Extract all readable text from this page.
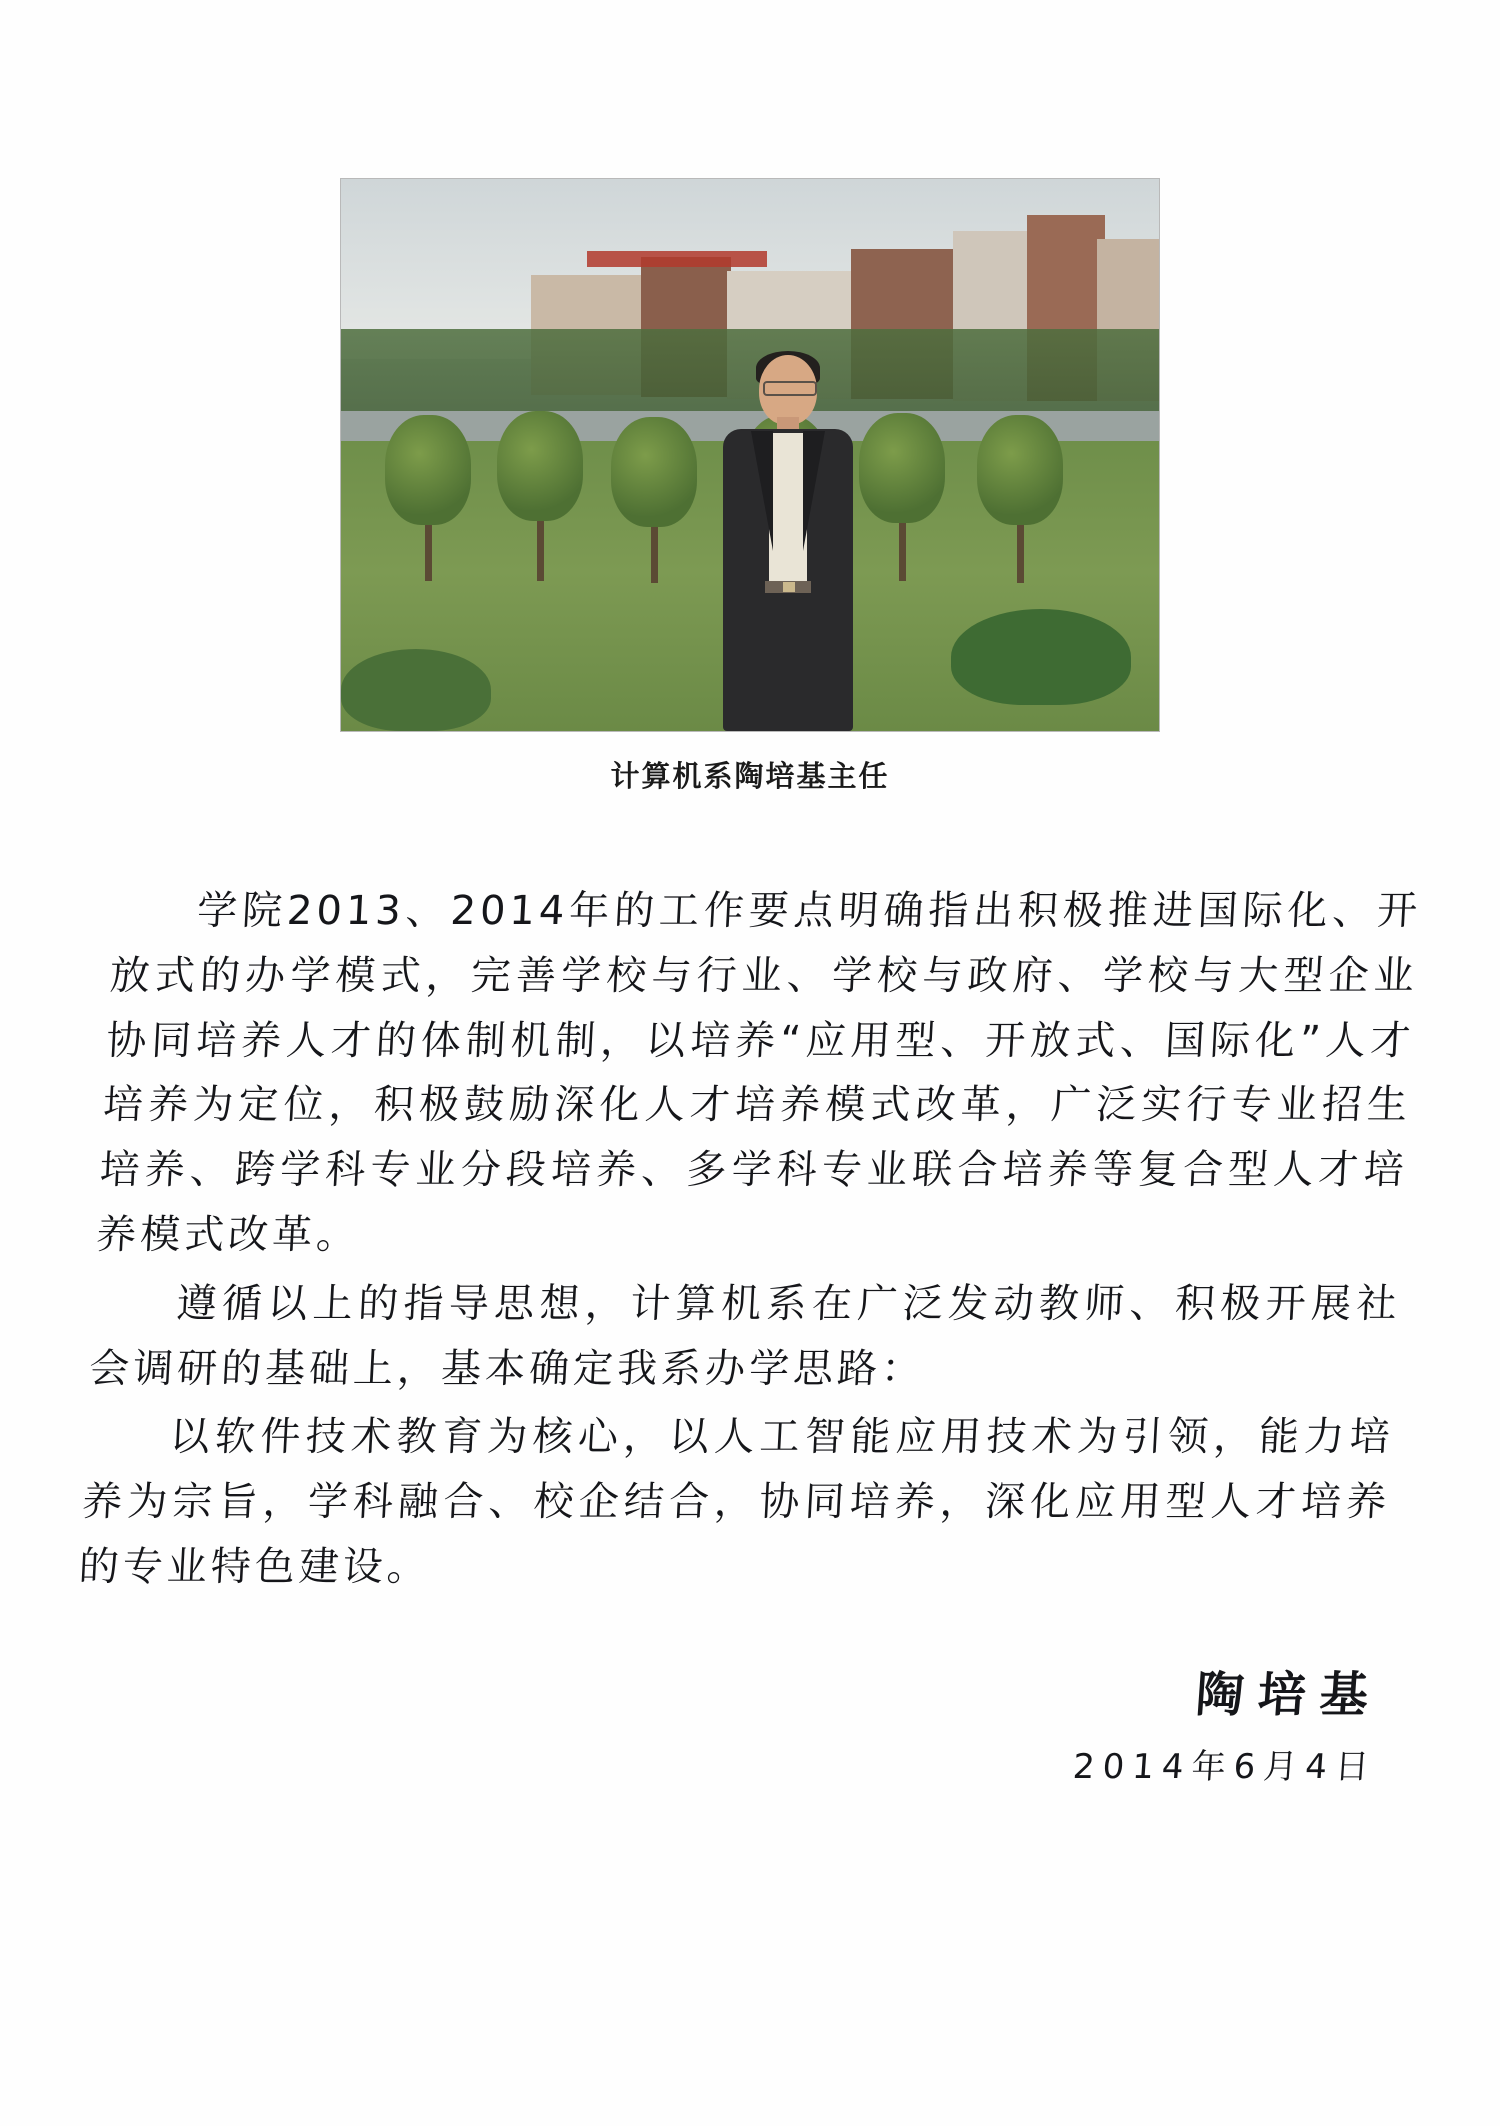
计算机系陶培基主任

学院2013、2014年的工作要点明确指出积极推进国际化、开放式的办学模式，完善学校与行业、学校与政府、学校与大型企业协同培养人才的体制机制，以培养“应用型、开放式、国际化”人才培养为定位，积极鼓励深化人才培养模式改革，广泛实行专业招生培养、跨学科专业分段培养、多学科专业联合培养等复合型人才培养模式改革。

遵循以上的指导思想，计算机系在广泛发动教师、积极开展社会调研的基础上，基本确定我系办学思路：

以软件技术教育为核心，以人工智能应用技术为引领，能力培养为宗旨，学科融合、校企结合，协同培养，深化应用型人才培养的专业特色建设。

陶培基
2014年6月4日
